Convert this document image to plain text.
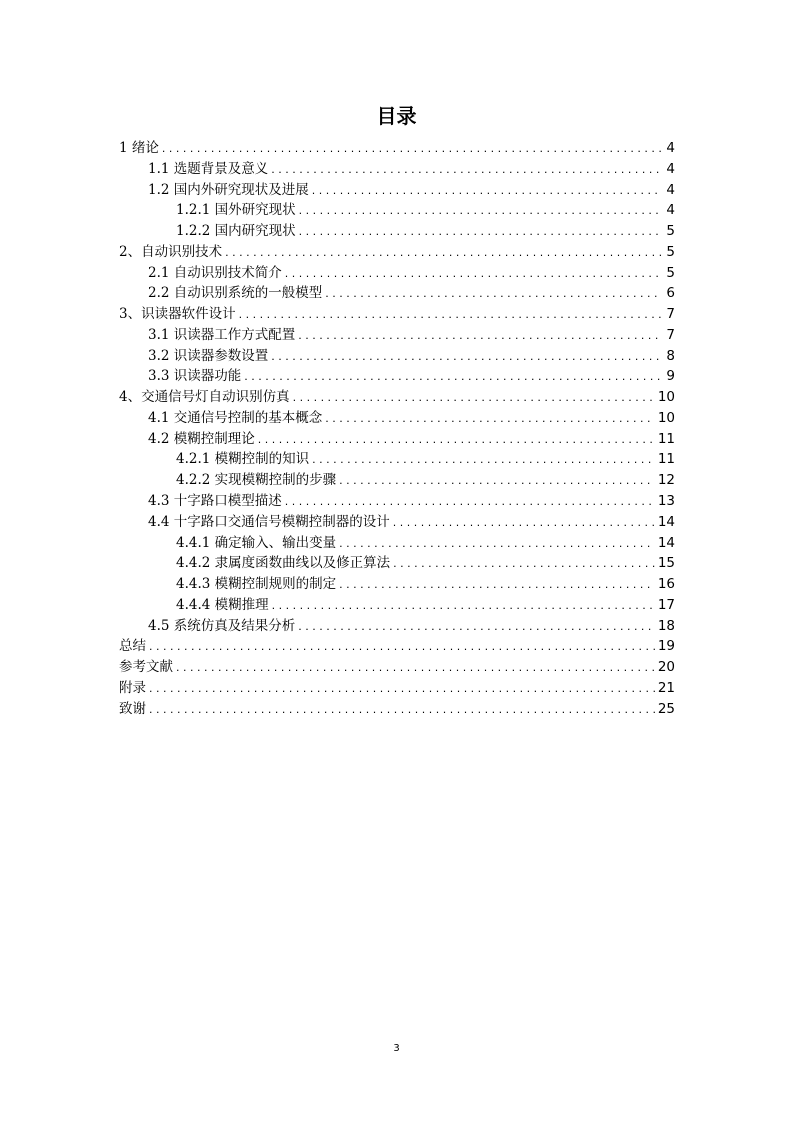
目录
1 绪论 . . .	4
1.1 选题背景及意义 . . .	4
1.2 国内外研究现状及进展 . . .	4
1.2.1 国外研究现状 . . .	4
1.2.2 国内研究现状 . . .	5
2、自动识别技术 . . .	5
2.1 自动识别技术简介 . . .	5
2.2 自动识别系统的一般模型 . . .	6
3、识读器软件设计 . . .	7
3.1 识读器工作方式配置 . . .	7
3.2 识读器参数设置 . . .	8
3.3 识读器功能 . . .	9
4、交通信号灯自动识别仿真 . . .	10
4.1 交通信号控制的基本概念 . . .	10
4.2 模糊控制理论 . . .	11
4.2.1 模糊控制的知识 . . .	11
4.2.2 实现模糊控制的步骤 . . .	12
4.3 十字路口模型描述 . . .	13
4.4 十字路口交通信号模糊控制器的设计 . . .	14
4.4.1 确定输入、输出变量 . . .	14
4.4.2 隶属度函数曲线以及修正算法 . . .	15
4.4.3 模糊控制规则的制定 . . .	16
4.4.4 模糊推理 . . .	17
4.5 系统仿真及结果分析 . . .	18
总结 . . .	19
参考文献 . . .	20
附录 . . .	21
致谢 . . .	25
3
